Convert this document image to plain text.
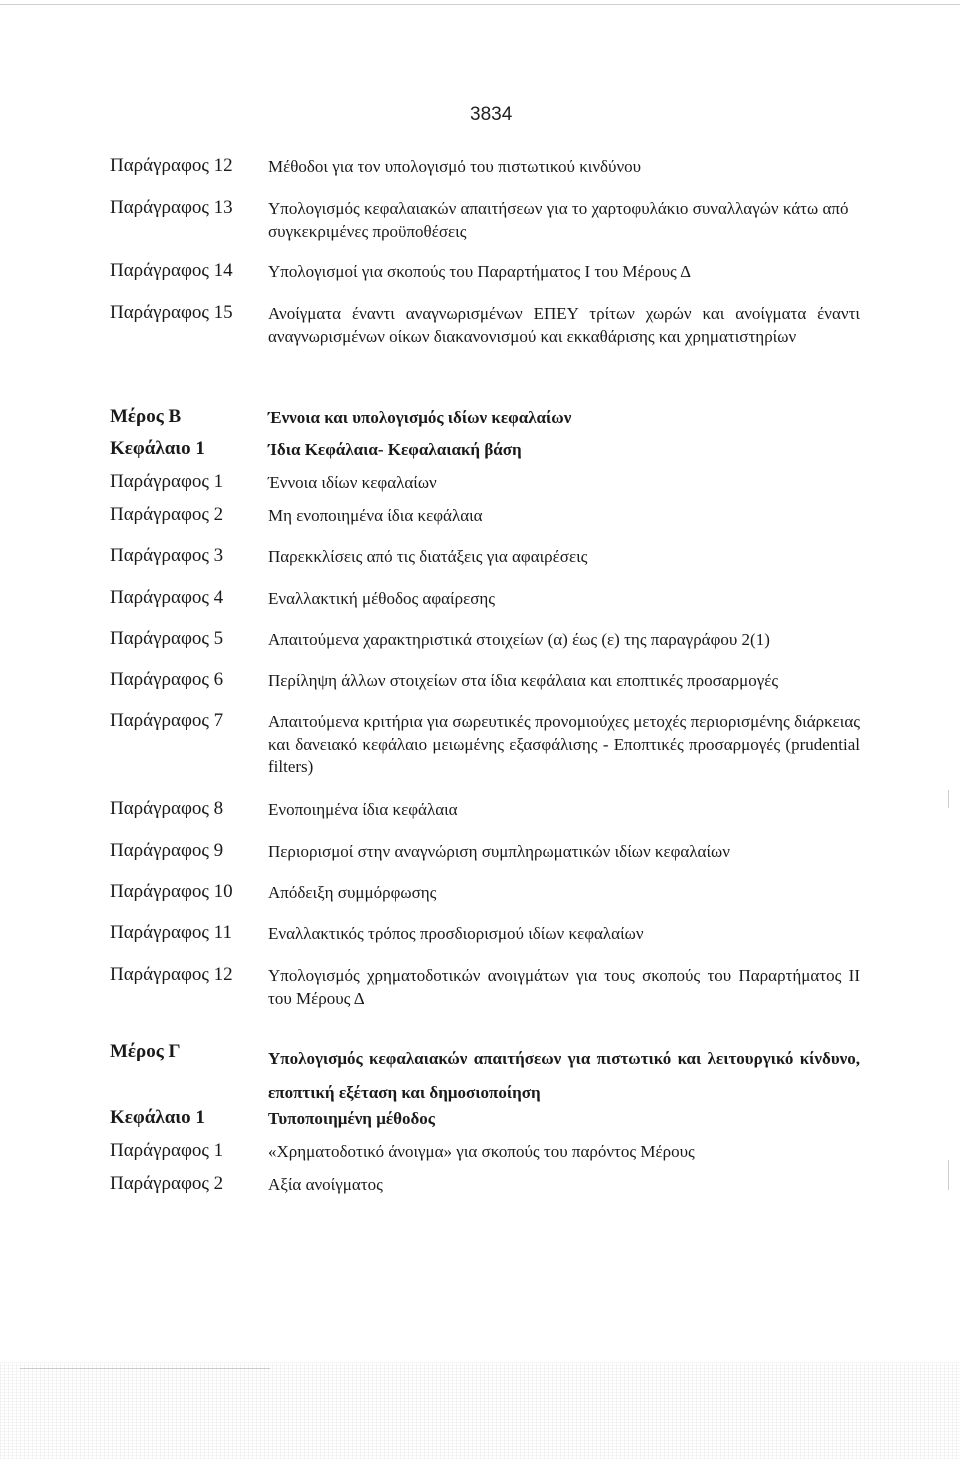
3834
Παράγραφος 12 Μέθοδοι για τον υπολογισμό του πιστωτικού κινδύνου
Παράγραφος 13 Υπολογισμός κεφαλαιακών απαιτήσεων για το χαρτοφυλάκιο συναλλαγών κάτω από συγκεκριμένες προϋποθέσεις
Παράγραφος 14 Υπολογισμοί για σκοπούς του Παραρτήματος Ι του Μέρους Δ
Παράγραφος 15 Ανοίγματα έναντι αναγνωρισμένων ΕΠΕΥ τρίτων χωρών και ανοίγματα έναντι αναγνωρισμένων οίκων διακανονισμού και εκκαθάρισης και χρηματιστηρίων
Μέρος Β	Έννοια και υπολογισμός ιδίων κεφαλαίων
Κεφάλαιο 1	Ίδια Κεφάλαια- Κεφαλαιακή βάση
Παράγραφος 1	Έννοια ιδίων κεφαλαίων
Παράγραφος 2	Μη ενοποιημένα ίδια κεφάλαια
Παράγραφος 3	Παρεκκλίσεις από τις διατάξεις για αφαιρέσεις
Παράγραφος 4	Εναλλακτική μέθοδος αφαίρεσης
Παράγραφος 5	Απαιτούμενα χαρακτηριστικά στοιχείων (α) έως (ε) της παραγράφου 2(1)
Παράγραφος 6	Περίληψη άλλων στοιχείων στα ίδια κεφάλαια και εποπτικές προσαρμογές
Παράγραφος 7	Απαιτούμενα κριτήρια για σωρευτικές προνομιούχες μετοχές περιορισμένης διάρκειας και δανειακό κεφάλαιο μειωμένης εξασφάλισης - Εποπτικές προσαρμογές (prudential filters)
Παράγραφος 8	Ενοποιημένα ίδια κεφάλαια
Παράγραφος 9	Περιορισμοί στην αναγνώριση συμπληρωματικών ιδίων κεφαλαίων
Παράγραφος 10 Απόδειξη συμμόρφωσης
Παράγραφος 11 Εναλλακτικός τρόπος προσδιορισμού ιδίων κεφαλαίων
Παράγραφος 12 Υπολογισμός χρηματοδοτικών ανοιγμάτων για τους σκοπούς του Παραρτήματος ΙΙ του Μέρους Δ
Μέρος Γ	Υπολογισμός κεφαλαιακών απαιτήσεων για πιστωτικό και λειτουργικό κίνδυνο, εποπτική εξέταση και δημοσιοποίηση
Κεφάλαιο 1	Τυποποιημένη μέθοδος
Παράγραφος 1	«Χρηματοδοτικό άνοιγμα» για σκοπούς του παρόντος Μέρους
Παράγραφος 2	Αξία ανοίγματος
